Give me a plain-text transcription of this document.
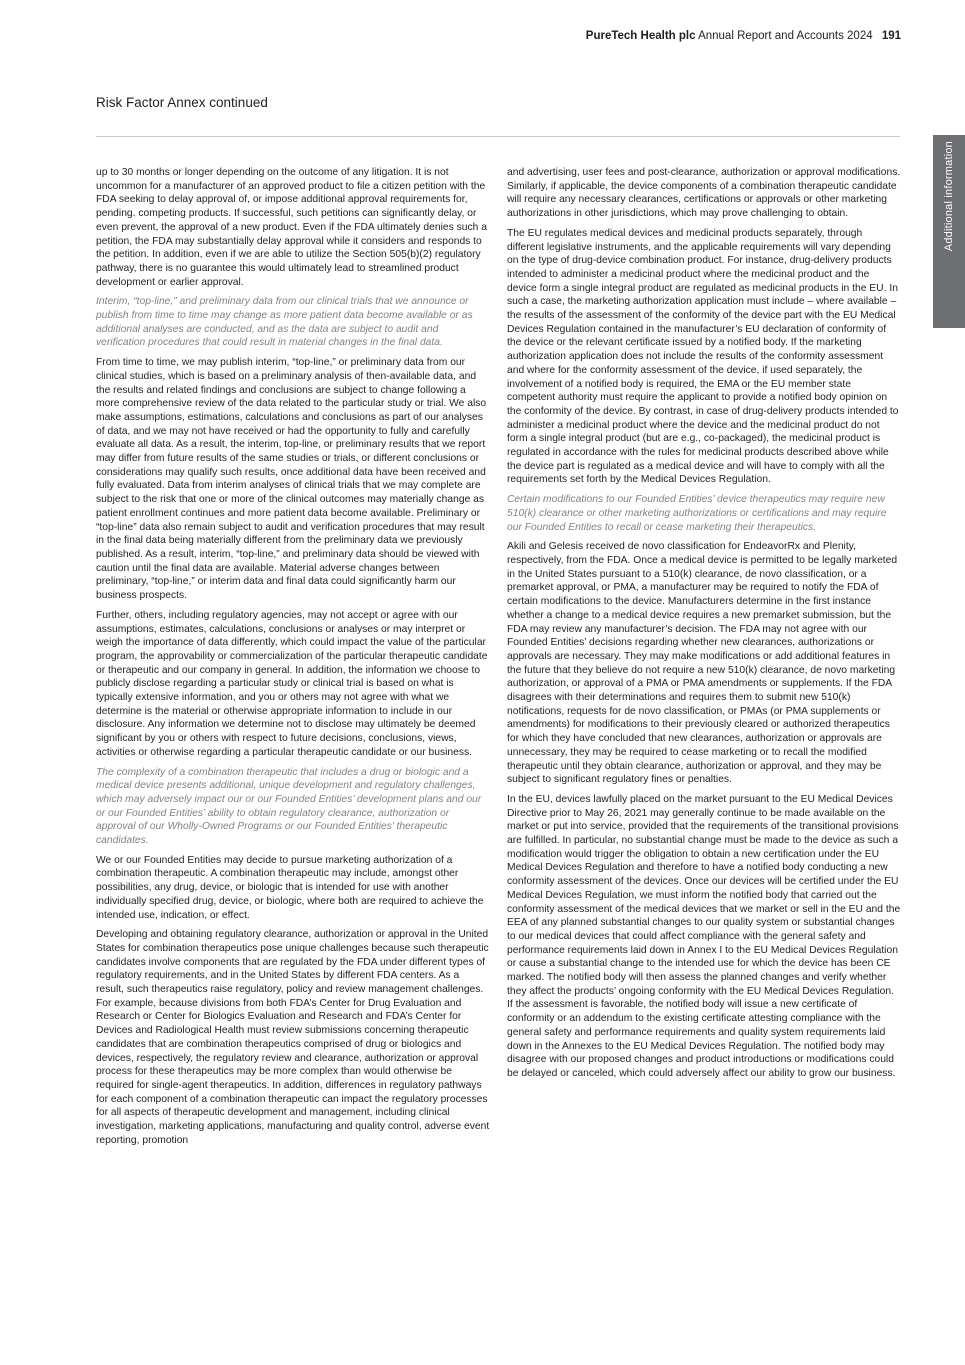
PureTech Health plc Annual Report and Accounts 2024 191
Risk Factor Annex continued
Additional information

up to 30 months or longer depending on the outcome of any litigation. It is not uncommon for a manufacturer of an approved product to file a citizen petition with the FDA seeking to delay approval of, or impose additional approval requirements for, pending. competing products. If successful, such petitions can significantly delay, or even prevent, the approval of a new product. Even if the FDA ultimately denies such a petition, the FDA may substantially delay approval while it considers and responds to the petition. In addition, even if we are able to utilize the Section 505(b)(2) regulatory pathway, there is no guarantee this would ultimately lead to streamlined product development or earlier approval.

Interim, “top-line,” and preliminary data from our clinical trials that we announce or publish from time to time may change as more patient data become available or as additional analyses are conducted, and as the data are subject to audit and verification procedures that could result in material changes in the final data.

From time to time, we may publish interim, “top-line,” or preliminary data from our clinical studies, which is based on a preliminary analysis of then-available data, and the results and related findings and conclusions are subject to change following a more comprehensive review of the data related to the particular study or trial. We also make assumptions, estimations, calculations and conclusions as part of our analyses of data, and we may not have received or had the opportunity to fully and carefully evaluate all data. As a result, the interim, top-line, or preliminary results that we report may differ from future results of the same studies or trials, or different conclusions or considerations may qualify such results, once additional data have been received and fully evaluated. Data from interim analyses of clinical trials that we may complete are subject to the risk that one or more of the clinical outcomes may materially change as patient enrollment continues and more patient data become available. Preliminary or “top-line” data also remain subject to audit and verification procedures that may result in the final data being materially different from the preliminary data we previously published. As a result, interim, “top-line,” and preliminary data should be viewed with caution until the final data are available. Material adverse changes between preliminary, “top-line,” or interim data and final data could significantly harm our business prospects.

Further, others, including regulatory agencies, may not accept or agree with our assumptions, estimates, calculations, conclusions or analyses or may interpret or weigh the importance of data differently, which could impact the value of the particular program, the approvability or commercialization of the particular therapeutic candidate or therapeutic and our company in general. In addition, the information we choose to publicly disclose regarding a particular study or clinical trial is based on what is typically extensive information, and you or others may not agree with what we determine is the material or otherwise appropriate information to include in our disclosure. Any information we determine not to disclose may ultimately be deemed significant by you or others with respect to future decisions, conclusions, views, activities or otherwise regarding a particular therapeutic candidate or our business.

The complexity of a combination therapeutic that includes a drug or biologic and a medical device presents additional, unique development and regulatory challenges, which may adversely impact our or our Founded Entities’ development plans and our or our Founded Entities’ ability to obtain regulatory clearance, authorization or approval of our Wholly-Owned Programs or our Founded Entities’ therapeutic candidates.

We or our Founded Entities may decide to pursue marketing authorization of a combination therapeutic. A combination therapeutic may include, amongst other possibilities, any drug, device, or biologic that is intended for use with another individually specified drug, device, or biologic, where both are required to achieve the intended use, indication, or effect.

Developing and obtaining regulatory clearance, authorization or approval in the United States for combination therapeutics pose unique challenges because such therapeutic candidates involve components that are regulated by the FDA under different types of regulatory requirements, and in the United States by different FDA centers. As a result, such therapeutics raise regulatory, policy and review management challenges. For example, because divisions from both FDA’s Center for Drug Evaluation and Research or Center for Biologics Evaluation and Research and FDA’s Center for Devices and Radiological Health must review submissions concerning therapeutic candidates that are combination therapeutics comprised of drug or biologics and devices, respectively, the regulatory review and clearance, authorization or approval process for these therapeutics may be more complex than would otherwise be required for single-agent therapeutics. In addition, differences in regulatory pathways for each component of a combination therapeutic can impact the regulatory processes for all aspects of therapeutic development and management, including clinical investigation, marketing applications, manufacturing and quality control, adverse event reporting, promotion

and advertising, user fees and post-clearance, authorization or approval modifications. Similarly, if applicable, the device components of a combination therapeutic candidate will require any necessary clearances, certifications or approvals or other marketing authorizations in other jurisdictions, which may prove challenging to obtain.

The EU regulates medical devices and medicinal products separately, through different legislative instruments, and the applicable requirements will vary depending on the type of drug-device combination product. For instance, drug-delivery products intended to administer a medicinal product where the medicinal product and the device form a single integral product are regulated as medicinal products in the EU. In such a case, the marketing authorization application must include – where available – the results of the assessment of the conformity of the device part with the EU Medical Devices Regulation contained in the manufacturer’s EU declaration of conformity of the device or the relevant certificate issued by a notified body. If the marketing authorization application does not include the results of the conformity assessment and where for the conformity assessment of the device, if used separately, the involvement of a notified body is required, the EMA or the EU member state competent authority must require the applicant to provide a notified body opinion on the conformity of the device. By contrast, in case of drug-delivery products intended to administer a medicinal product where the device and the medicinal product do not form a single integral product (but are e.g., co-packaged), the medicinal product is regulated in accordance with the rules for medicinal products described above while the device part is regulated as a medical device and will have to comply with all the requirements set forth by the Medical Devices Regulation.

Certain modifications to our Founded Entities’ device therapeutics may require new 510(k) clearance or other marketing authorizations or certifications and may require our Founded Entities to recall or cease marketing their therapeutics.

Akili and Gelesis received de novo classification for EndeavorRx and Plenity, respectively, from the FDA. Once a medical device is permitted to be legally marketed in the United States pursuant to a 510(k) clearance, de novo classification, or a premarket approval, or PMA, a manufacturer may be required to notify the FDA of certain modifications to the device. Manufacturers determine in the first instance whether a change to a medical device requires a new premarket submission, but the FDA may review any manufacturer’s decision. The FDA may not agree with our Founded Entities’ decisions regarding whether new clearances, authorizations or approvals are necessary. They may make modifications or add additional features in the future that they believe do not require a new 510(k) clearance, de novo marketing authorization, or approval of a PMA or PMA amendments or supplements. If the FDA disagrees with their determinations and requires them to submit new 510(k) notifications, requests for de novo classification, or PMAs (or PMA supplements or amendments) for modifications to their previously cleared or authorized therapeutics for which they have concluded that new clearances, authorization or approvals are unnecessary, they may be required to cease marketing or to recall the modified therapeutic until they obtain clearance, authorization or approval, and they may be subject to significant regulatory fines or penalties.

In the EU, devices lawfully placed on the market pursuant to the EU Medical Devices Directive prior to May 26, 2021 may generally continue to be made available on the market or put into service, provided that the requirements of the transitional provisions are fulfilled. In particular, no substantial change must be made to the device as such a modification would trigger the obligation to obtain a new certification under the EU Medical Devices Regulation and therefore to have a notified body conducting a new conformity assessment of the devices. Once our devices will be certified under the EU Medical Devices Regulation, we must inform the notified body that carried out the conformity assessment of the medical devices that we market or sell in the EU and the EEA of any planned substantial changes to our quality system or substantial changes to our medical devices that could affect compliance with the general safety and performance requirements laid down in Annex I to the EU Medical Devices Regulation or cause a substantial change to the intended use for which the device has been CE marked. The notified body will then assess the planned changes and verify whether they affect the products’ ongoing conformity with the EU Medical Devices Regulation. If the assessment is favorable, the notified body will issue a new certificate of conformity or an addendum to the existing certificate attesting compliance with the general safety and performance requirements and quality system requirements laid down in the Annexes to the EU Medical Devices Regulation. The notified body may disagree with our proposed changes and product introductions or modifications could be delayed or canceled, which could adversely affect our ability to grow our business.
